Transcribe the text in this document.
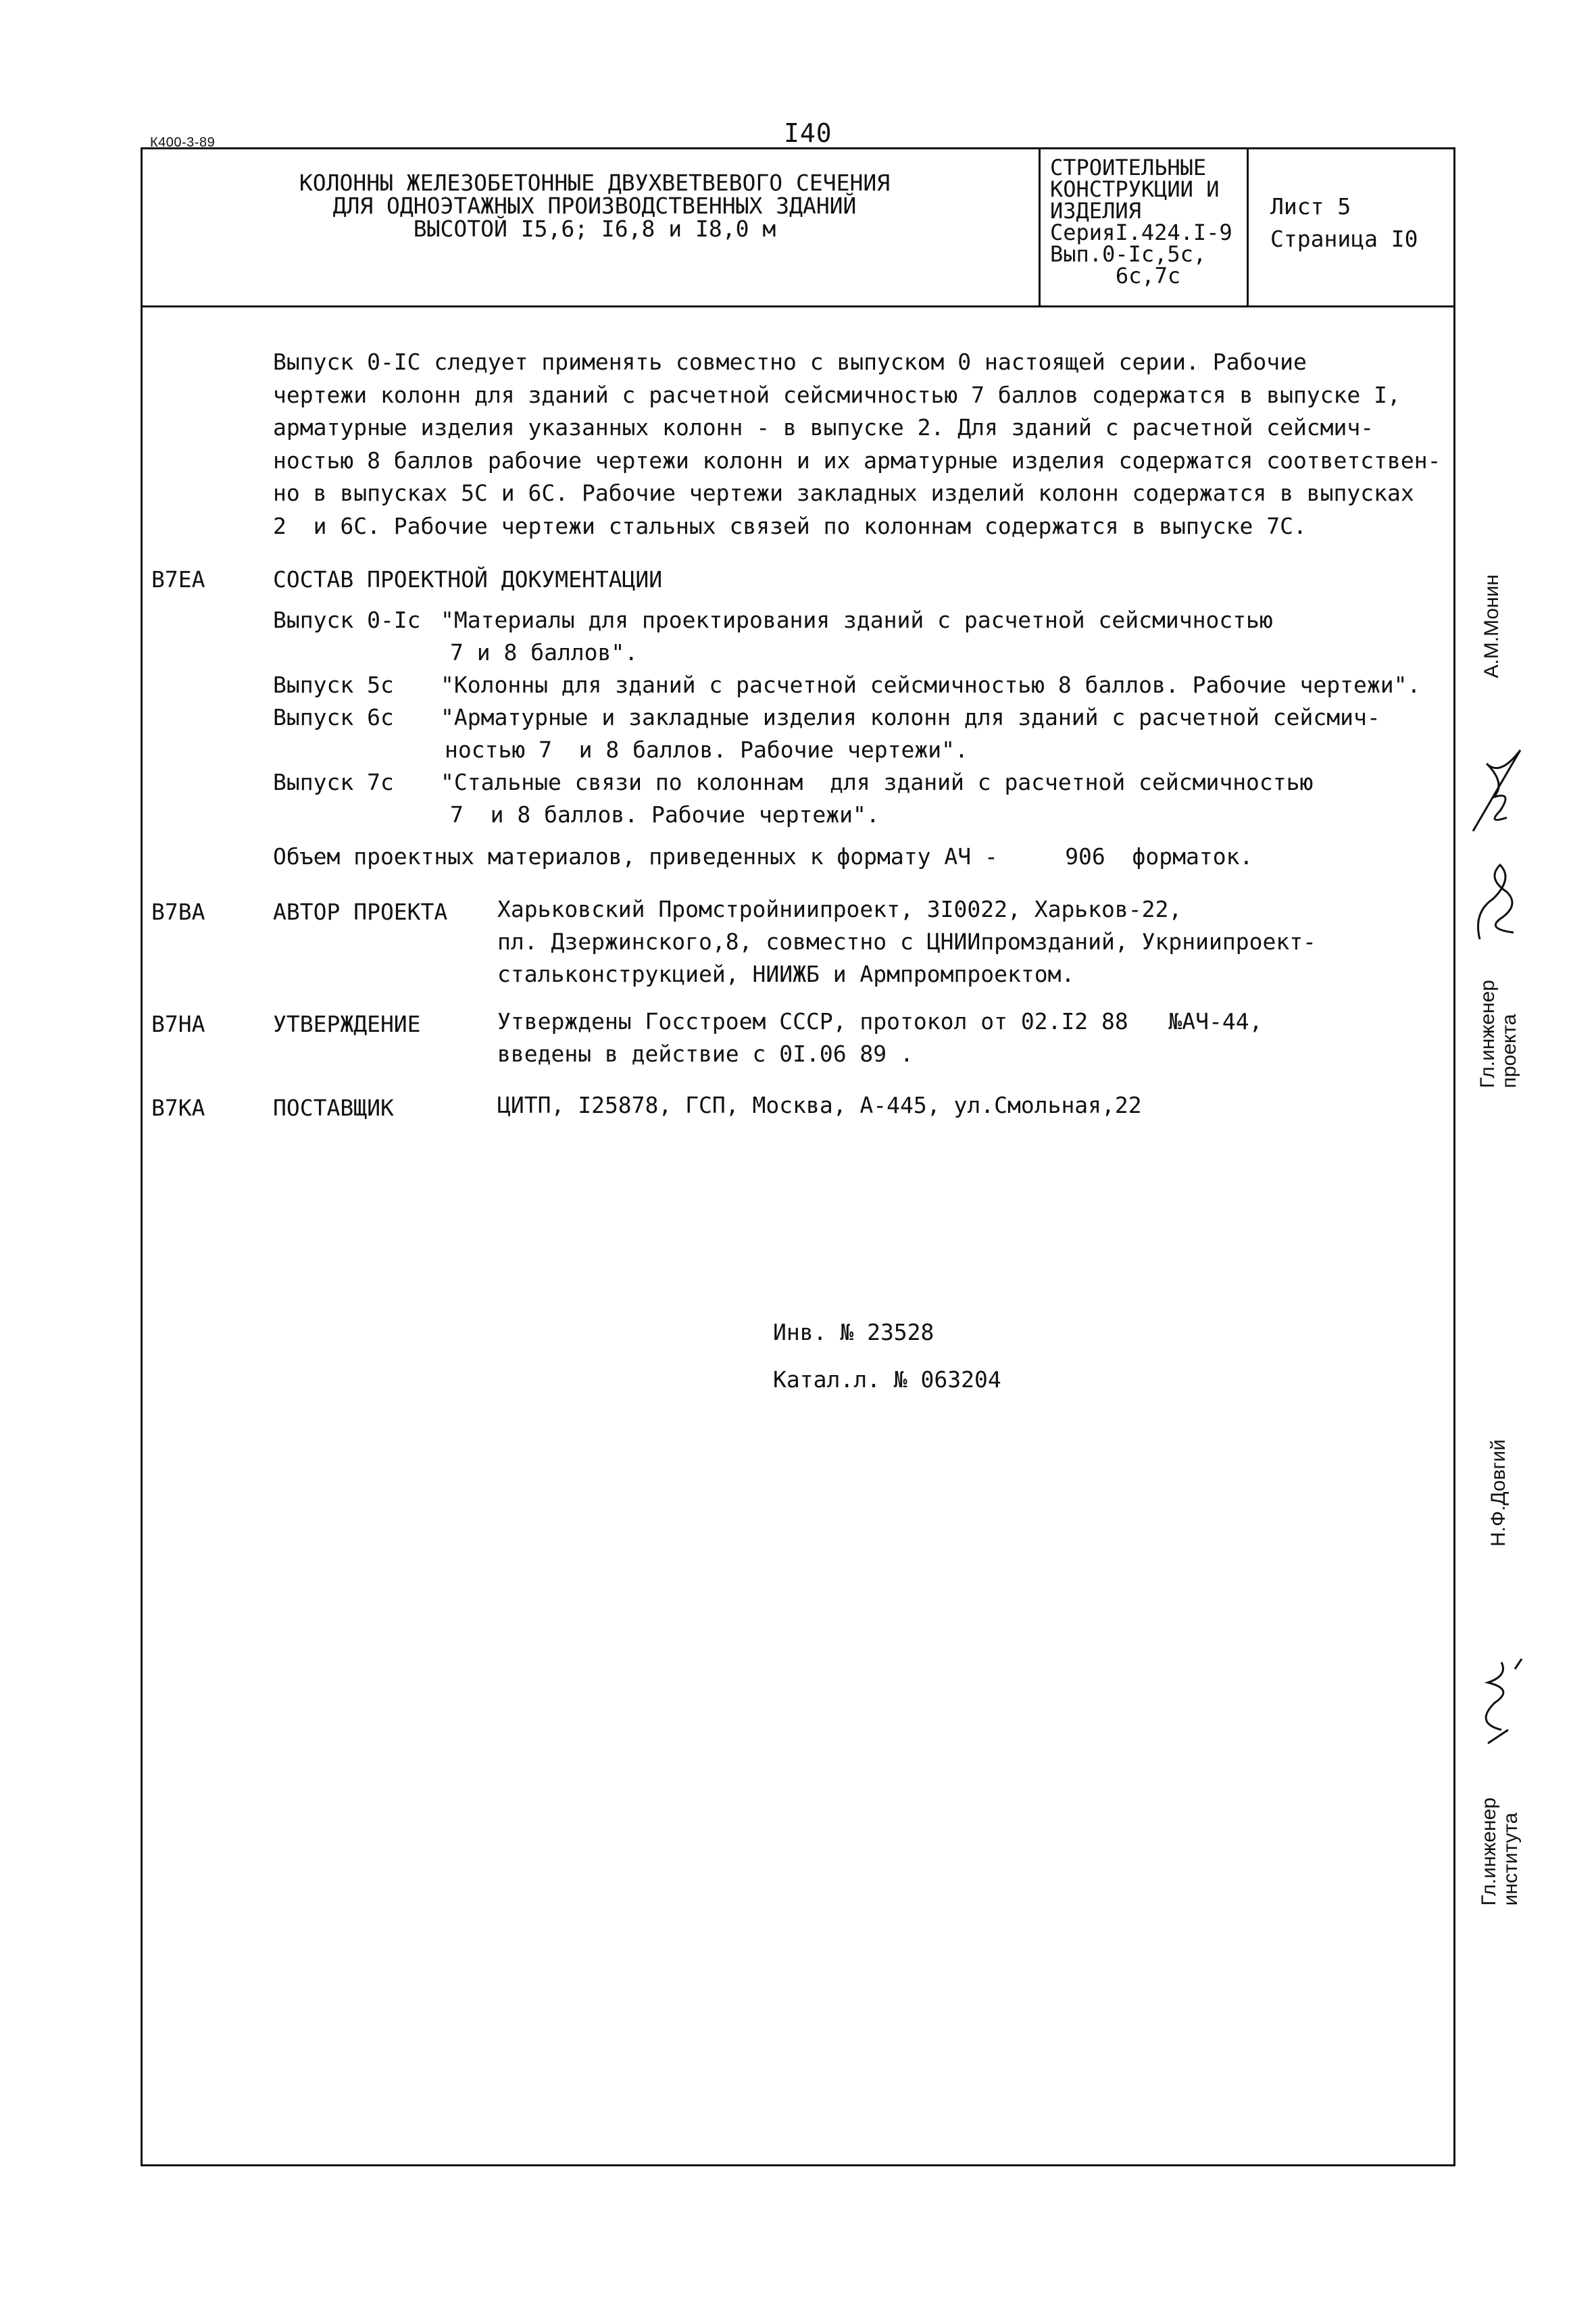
К400-3-89	I40
КОЛОННЫ ЖЕЛЕЗОБЕТОННЫЕ ДВУХВЕТВЕВОГО СЕЧЕНИЯ
ДЛЯ ОДНОЭТАЖНЫХ ПРОИЗВОДСТВЕННЫХ ЗДАНИЙ
ВЫСОТОЙ I5,6; I6,8 и I8,0 м
СТРОИТЕЛЬНЫЕ
КОНСТРУКЦИИ И
ИЗДЕЛИЯ
СерияI.424.I-9
Вып.0-Iс,5с,
6с,7с
Лист 5
Страница I0
Выпуск 0-IC следует применять совместно с выпуском 0 настоящей серии. Рабочие
чертежи колонн для зданий с расчетной сейсмичностью 7 баллов содержатся в выпуске I,
арматурные изделия указанных колонн - в выпуске 2. Для зданий с расчетной сейсмич-
ностью 8 баллов рабочие чертежи колонн и их арматурные изделия содержатся соответствен-
но в выпусках 5C и 6C. Рабочие чертежи закладных изделий колонн содержатся в выпусках
2  и 6C. Рабочие чертежи стальных связей по колоннам содержатся в выпуске 7C.
B7EA	СОСТАВ ПРОЕКТНОЙ ДОКУМЕНТАЦИИ
Выпуск 0-Iс "Материалы для проектирования зданий с расчетной сейсмичностью
7 и 8 баллов".
Выпуск 5с "Колонны для зданий с расчетной сейсмичностью 8 баллов. Рабочие чертежи".
Выпуск 6с "Арматурные и закладные изделия колонн для зданий с расчетной сейсмич-
ностью 7  и 8 баллов. Рабочие чертежи".
Выпуск 7с "Стальные связи по колоннам  для зданий с расчетной сейсмичностью
7  и 8 баллов. Рабочие чертежи".
Объем проектных материалов, приведенных к формату АЧ -     906  форматок.
B7BA	АВТОР ПРОЕКТА Харьковский Промстройниипроект, 3I0022, Харьков-22,
пл. Дзержинского,8, совместно с ЦНИИпромзданий, Укрниипроект-
стальконструкцией, НИИЖБ и Армпромпроектом.
B7HA	УТВЕРЖДЕНИЕ	Утверждены Госстроем СССР, протокол от 02.I2 88   №АЧ-44,
введены в действие с 0I.06 89 .
B7KA	ПОСТАВЩИК	ЦИТП, I25878, ГСП, Москва, А-445, ул.Смольная,22
Инв. № 23528
Катал.л. № 063204
А.М.Монин
Гл.инженер
проекта
Н.Ф.Довгий
Гл.инженер
института
